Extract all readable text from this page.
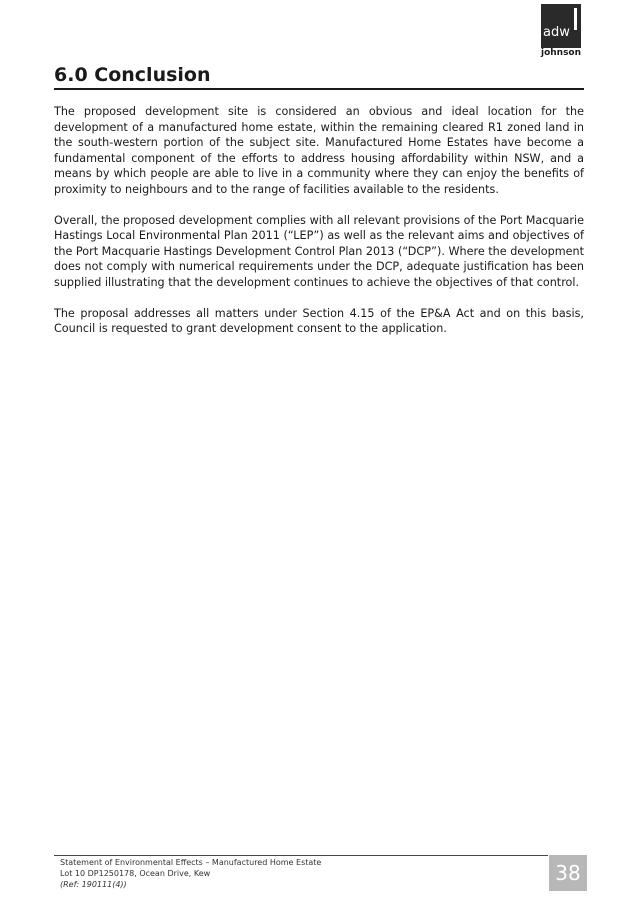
adw
johnson
6.0 Conclusion

The proposed development site is considered an obvious and ideal location for the development of a manufactured home estate, within the remaining cleared R1 zoned land in the south-western portion of the subject site. Manufactured Home Estates have become a fundamental component of the efforts to address housing affordability within NSW, and a means by which people are able to live in a community where they can enjoy the benefits of proximity to neighbours and to the range of facilities available to the residents.

Overall, the proposed development complies with all relevant provisions of the Port Macquarie Hastings Local Environmental Plan 2011 (“LEP”) as well as the relevant aims and objectives of the Port Macquarie Hastings Development Control Plan 2013 (“DCP”). Where the development does not comply with numerical requirements under the DCP, adequate justification has been supplied illustrating that the development continues to achieve the objectives of that control.

The proposal addresses all matters under Section 4.15 of the EP&A Act and on this basis, Council is requested to grant development consent to the application.

Statement of Environmental Effects – Manufactured Home Estate
Lot 10 DP1250178, Ocean Drive, Kew
(Ref: 190111(4))	38
